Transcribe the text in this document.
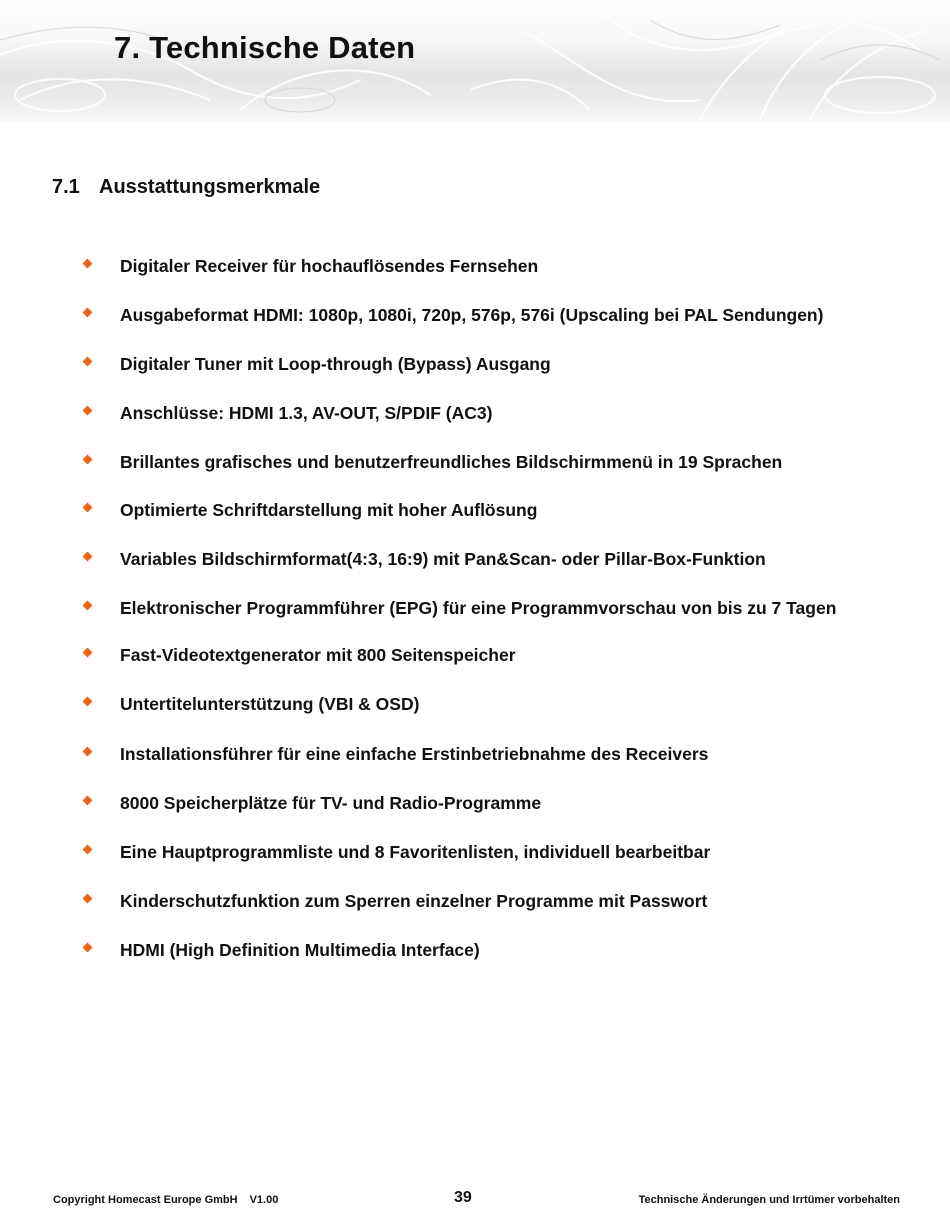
7. Technische Daten
7.1 Ausstattungsmerkmale
Digitaler Receiver für hochauflösendes Fernsehen
Ausgabeformat HDMI: 1080p, 1080i, 720p, 576p, 576i (Upscaling bei PAL Sendungen)
Digitaler Tuner mit Loop-through (Bypass) Ausgang
Anschlüsse: HDMI 1.3, AV-OUT, S/PDIF (AC3)
Brillantes grafisches und benutzerfreundliches Bildschirmmenü in 19 Sprachen
Optimierte Schriftdarstellung mit hoher Auflösung
Variables Bildschirmformat(4:3, 16:9) mit Pan&Scan- oder Pillar-Box-Funktion
Elektronischer Programmführer (EPG) für eine Programmvorschau von bis zu 7 Tagen
Fast-Videotextgenerator mit 800 Seitenspeicher
Untertitelunterstützung (VBI & OSD)
Installationsführer für eine einfache Erstinbetriebnahme des Receivers
8000 Speicherplätze für TV- und Radio-Programme
Eine Hauptprogrammliste und 8 Favoritenlisten, individuell bearbeitbar
Kinderschutzfunktion zum Sperren einzelner Programme mit Passwort
HDMI (High Definition Multimedia Interface)
Copyright Homecast Europe GmbH V1.00	39	Technische Änderungen und Irrtümer vorbehalten
